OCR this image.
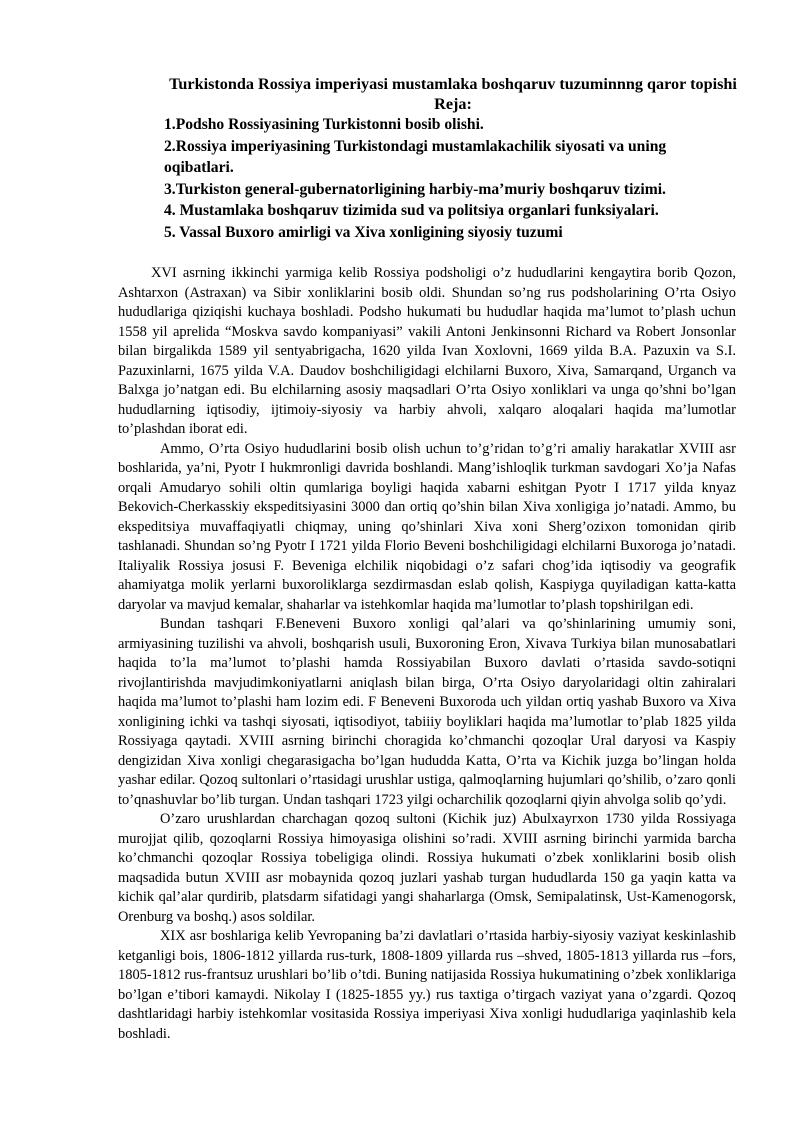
Turkistonda Rossiya imperiyasi mustamlaka boshqaruv tuzuminnng qaror topishi

Reja:

1.Podsho Rossiyasining Turkistonni bosib olishi.
2.Rossiya imperiyasining Turkistondagi mustamlakachilik siyosati va uning oqibatlari.
3.Turkiston general-gubernatorligining harbiy-ma’muriy boshqaruv tizimi.
4. Mustamlaka boshqaruv tizimida sud va politsiya organlari funksiyalari.
5. Vassal Buxoro amirligi va Xiva xonligining siyosiy tuzumi

XVI asrning ikkinchi yarmiga kelib Rossiya podsholigi o’z hududlarini kengaytira borib Qozon, Ashtarxon (Astraxan) va Sibir xonliklarini bosib oldi. Shundan so’ng rus podsholarining O’rta Osiyo hududlariga qiziqishi kuchaya boshladi. Podsho hukumati bu hududlar haqida ma’lumot to’plash uchun 1558 yil aprelida “Moskva savdo kompaniyasi” vakili Antoni Jenkinsonni Richard va Robert Jonsonlar bilan birgalikda 1589 yil sentyabrigacha, 1620 yilda Ivan Xoxlovni, 1669 yilda B.A. Pazuxin va S.I. Pazuxinlarni, 1675 yilda V.A. Daudov boshchiligidagi elchilarni Buxoro, Xiva, Samarqand, Urganch va Balxga jo’natgan edi. Bu elchilarning asosiy maqsadlari O’rta Osiyo xonliklari va unga qo’shni bo’lgan hududlarning iqtisodiy, ijtimoiy-siyosiy va harbiy ahvoli, xalqaro aloqalari haqida ma’lumotlar to’plashdan iborat edi.

Ammo, O’rta Osiyo hududlarini bosib olish uchun to’g’ridan to’g’ri amaliy harakatlar XVIII asr boshlarida, ya’ni, Pyotr I hukmronligi davrida boshlandi. Mang’ishloqlik turkman savdogari Xo’ja Nafas orqali Amudaryo sohili oltin qumlariga boyligi haqida xabarni eshitgan Pyotr I 1717 yilda knyaz Bekovich-Cherkasskiy ekspeditsiyasini 3000 dan ortiq qo’shin bilan Xiva xonligiga jo’natadi. Ammo, bu ekspeditsiya muvaffaqiyatli chiqmay, uning qo’shinlari Xiva xoni Sherg’ozixon tomonidan qirib tashlanadi. Shundan so’ng Pyotr I 1721 yilda Florio Beveni boshchiligidagi elchilarni Buxoroga jo’natadi. Italiyalik Rossiya josusi F. Beveniga elchilik niqobidagi o’z safari chog’ida iqtisodiy va geografik ahamiyatga molik yerlarni buxoroliklarga sezdirmasdan eslab qolish, Kaspiyga quyiladigan katta-katta daryolar va mavjud kemalar, shaharlar va istehkomlar haqida ma’lumotlar to’plash topshirilgan edi.

Bundan tashqari F.Beneveni Buxoro xonligi qal’alari va qo’shinlarining umumiy soni, armiyasining tuzilishi va ahvoli, boshqarish usuli, Buxoroning Eron, Xivava Turkiya bilan munosabatlari haqida to’la ma’lumot to’plashi hamda Rossiyabilan Buxoro davlati o’rtasida savdo-sotiqni rivojlantirishda mavjudimkoniyatlarni aniqlash bilan birga, O’rta Osiyo daryolaridagi oltin zahiralari haqida ma’lumot to’plashi ham lozim edi. F Beneveni Buxoroda uch yildan ortiq yashab Buxoro va Xiva xonligining ichki va tashqi siyosati, iqtisodiyot, tabiiiy boyliklari haqida ma’lumotlar to’plab 1825 yilda Rossiyaga qaytadi. XVIII asrning birinchi choragida ko’chmanchi qozoqlar Ural daryosi va Kaspiy dengizidan Xiva xonligi chegarasigacha bo’lgan hududda Katta, O’rta va Kichik juzga bo’lingan holda yashar edilar. Qozoq sultonlari o’rtasidagi urushlar ustiga, qalmoqlarning hujumlari qo’shilib, o’zaro qonli to’qnashuvlar bo’lib turgan. Undan tashqari 1723 yilgi ocharchilik qozoqlarni qiyin ahvolga solib qo’ydi.

O’zaro urushlardan charchagan qozoq sultoni (Kichik juz) Abulxayrxon 1730 yilda Rossiyaga murojjat qilib, qozoqlarni Rossiya himoyasiga olishini so’radi. XVIII asrning birinchi yarmida barcha ko’chmanchi qozoqlar Rossiya tobeligiga olindi. Rossiya hukumati o’zbek xonliklarini bosib olish maqsadida butun XVIII asr mobaynida qozoq juzlari yashab turgan hududlarda 150 ga yaqin katta va kichik qal’alar qurdirib, platsdarm sifatidagi yangi shaharlarga (Omsk, Semipalatinsk, Ust-Kamenogorsk, Orenburg va boshq.) asos soldilar.

XIX asr boshlariga kelib Yevropaning ba’zi davlatlari o’rtasida harbiy-siyosiy vaziyat keskinlashib ketganligi bois, 1806-1812 yillarda rus-turk, 1808-1809 yillarda rus –shved, 1805-1813 yillarda rus –fors, 1805-1812 rus-frantsuz urushlari bo’lib o’tdi. Buning natijasida Rossiya hukumatining o’zbek xonliklariga bo’lgan e’tibori kamaydi. Nikolay I (1825-1855 yy.) rus taxtiga o’tirgach vaziyat yana o’zgardi. Qozoq dashtlaridagi harbiy istehkomlar vositasida Rossiya imperiyasi Xiva xonligi hududlariga yaqinlashib kela boshladi.
